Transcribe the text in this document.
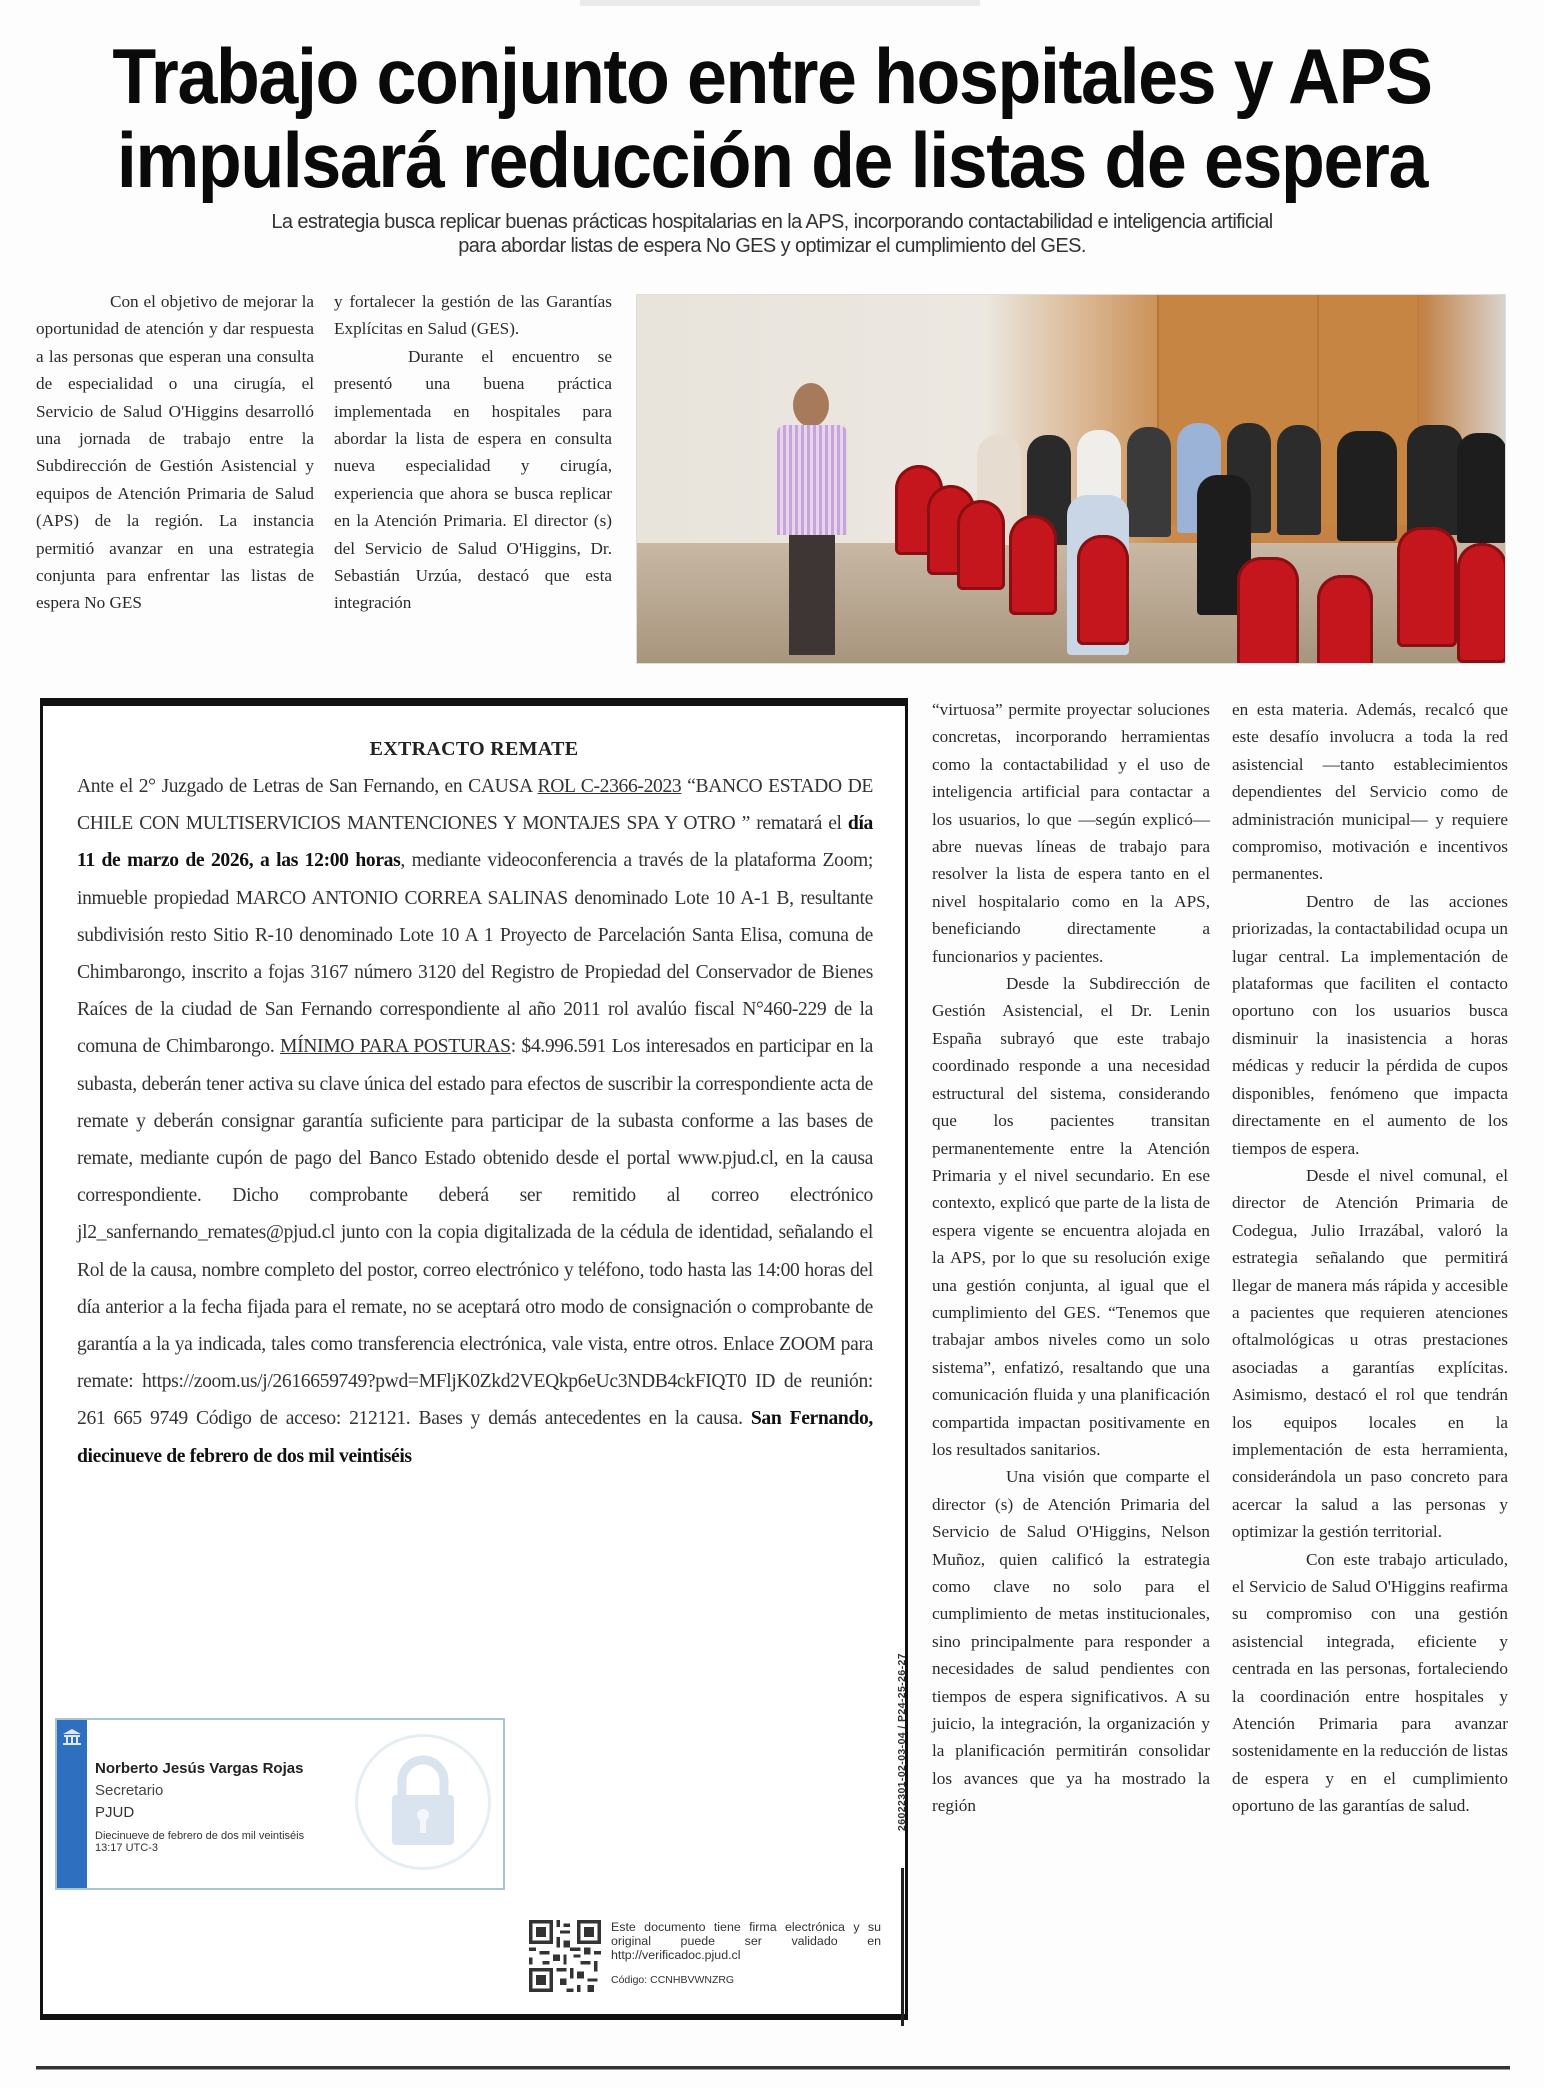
Trabajo conjunto entre hospitales y APS
impulsará reducción de listas de espera
La estrategia busca replicar buenas prácticas hospitalarias en la APS, incorporando contactabilidad e inteligencia artificial
para abordar listas de espera No GES y optimizar el cumplimiento del GES.

Con el objetivo de mejorar la oportunidad de atención y dar respuesta a las personas que esperan una consulta de especialidad o una cirugía, el Servicio de Salud O'Higgins desarrolló una jornada de trabajo entre la Subdirección de Gestión Asistencial y equipos de Atención Primaria de Salud (APS) de la región. La instancia permitió avanzar en una estrategia conjunta para enfrentar las listas de espera No GES

y fortalecer la gestión de las Garantías Explícitas en Salud (GES).

Durante el encuentro se presentó una buena práctica implementada en hospitales para abordar la lista de espera en consulta nueva especialidad y cirugía, experiencia que ahora se busca replicar en la Atención Primaria. El director (s) del Servicio de Salud O'Higgins, Dr. Sebastián Urzúa, destacó que esta integración

EXTRACTO REMATE
Ante el 2° Juzgado de Letras de San Fernando, en CAUSA ROL C-2366-2023 “BANCO ESTADO DE CHILE CON MULTISERVICIOS MANTENCIONES Y MONTAJES SPA Y OTRO ” rematará el día 11 de marzo de 2026, a las 12:00 horas, mediante videoconferencia a través de la plataforma Zoom; inmueble propiedad MARCO ANTONIO CORREA SALINAS denominado Lote 10 A-1 B, resultante subdivisión resto Sitio R-10 denominado Lote 10 A 1 Proyecto de Parcelación Santa Elisa, comuna de Chimbarongo, inscrito a fojas 3167 número 3120 del Registro de Propiedad del Conservador de Bienes Raíces de la ciudad de San Fernando correspondiente al año 2011 rol avalúo fiscal N°460-229 de la comuna de Chimbarongo. MÍNIMO PARA POSTURAS: $4.996.591 Los interesados en participar en la subasta, deberán tener activa su clave única del estado para efectos de suscribir la correspondiente acta de remate y deberán consignar garantía suficiente para participar de la subasta conforme a las bases de remate, mediante cupón de pago del Banco Estado obtenido desde el portal www.pjud.cl, en la causa correspondiente. Dicho comprobante deberá ser remitido al correo electrónico jl2_sanfernando_remates@pjud.cl junto con la copia digitalizada de la cédula de identidad, señalando el Rol de la causa, nombre completo del postor, correo electrónico y teléfono, todo hasta las 14:00 horas del día anterior a la fecha fijada para el remate, no se aceptará otro modo de consignación o comprobante de garantía a la ya indicada, tales como transferencia electrónica, vale vista, entre otros. Enlace ZOOM para remate: https://zoom.us/j/2616659749?pwd=MFljK0Zkd2VEQkp6eUc3NDB4ckFIQT0 ID de reunión: 261 665 9749 Código de acceso: 212121. Bases y demás antecedentes en la causa. San Fernando, diecinueve de febrero de dos mil veintiséis
Norberto Jesús Vargas Rojas
Secretario
PJUD
Diecinueve de febrero de dos mil veintiséis
13:17 UTC-3
Este documento tiene firma electrónica y su original puede ser validado en http://verificadoc.pjud.cl
Código: CCNHBVWNZRG

“virtuosa” permite proyectar soluciones concretas, incorporando herramientas como la contactabilidad y el uso de inteligencia artificial para contactar a los usuarios, lo que —según explicó— abre nuevas líneas de trabajo para resolver la lista de espera tanto en el nivel hospitalario como en la APS, beneficiando directamente a funcionarios y pacientes.

Desde la Subdirección de Gestión Asistencial, el Dr. Lenin España subrayó que este trabajo coordinado responde a una necesidad estructural del sistema, considerando que los pacientes transitan permanentemente entre la Atención Primaria y el nivel secundario. En ese contexto, explicó que parte de la lista de espera vigente se encuentra alojada en la APS, por lo que su resolución exige una gestión conjunta, al igual que el cumplimiento del GES. “Tenemos que trabajar ambos niveles como un solo sistema”, enfatizó, resaltando que una comunicación fluida y una planificación compartida impactan positivamente en los resultados sanitarios.

Una visión que comparte el director (s) de Atención Primaria del Servicio de Salud O'Higgins, Nelson Muñoz, quien calificó la estrategia como clave no solo para el cumplimiento de metas institucionales, sino principalmente para responder a necesidades de salud pendientes con tiempos de espera significativos. A su juicio, la integración, la organización y la planificación permitirán consolidar los avances que ya ha mostrado la región

en esta materia. Además, recalcó que este desafío involucra a toda la red asistencial —tanto establecimientos dependientes del Servicio como de administración municipal— y requiere compromiso, motivación e incentivos permanentes.

Dentro de las acciones priorizadas, la contactabilidad ocupa un lugar central. La implementación de plataformas que faciliten el contacto oportuno con los usuarios busca disminuir la inasistencia a horas médicas y reducir la pérdida de cupos disponibles, fenómeno que impacta directamente en el aumento de los tiempos de espera.

Desde el nivel comunal, el director de Atención Primaria de Codegua, Julio Irrazábal, valoró la estrategia señalando que permitirá llegar de manera más rápida y accesible a pacientes que requieren atenciones oftalmológicas u otras prestaciones asociadas a garantías explícitas. Asimismo, destacó el rol que tendrán los equipos locales en la implementación de esta herramienta, considerándola un paso concreto para acercar la salud a las personas y optimizar la gestión territorial.

Con este trabajo articulado, el Servicio de Salud O'Higgins reafirma su compromiso con una gestión asistencial integrada, eficiente y centrada en las personas, fortaleciendo la coordinación entre hospitales y Atención Primaria para avanzar sostenidamente en la reducción de listas de espera y en el cumplimiento oportuno de las garantías de salud.

26022301-02-03-04 / P24-25-26-27
